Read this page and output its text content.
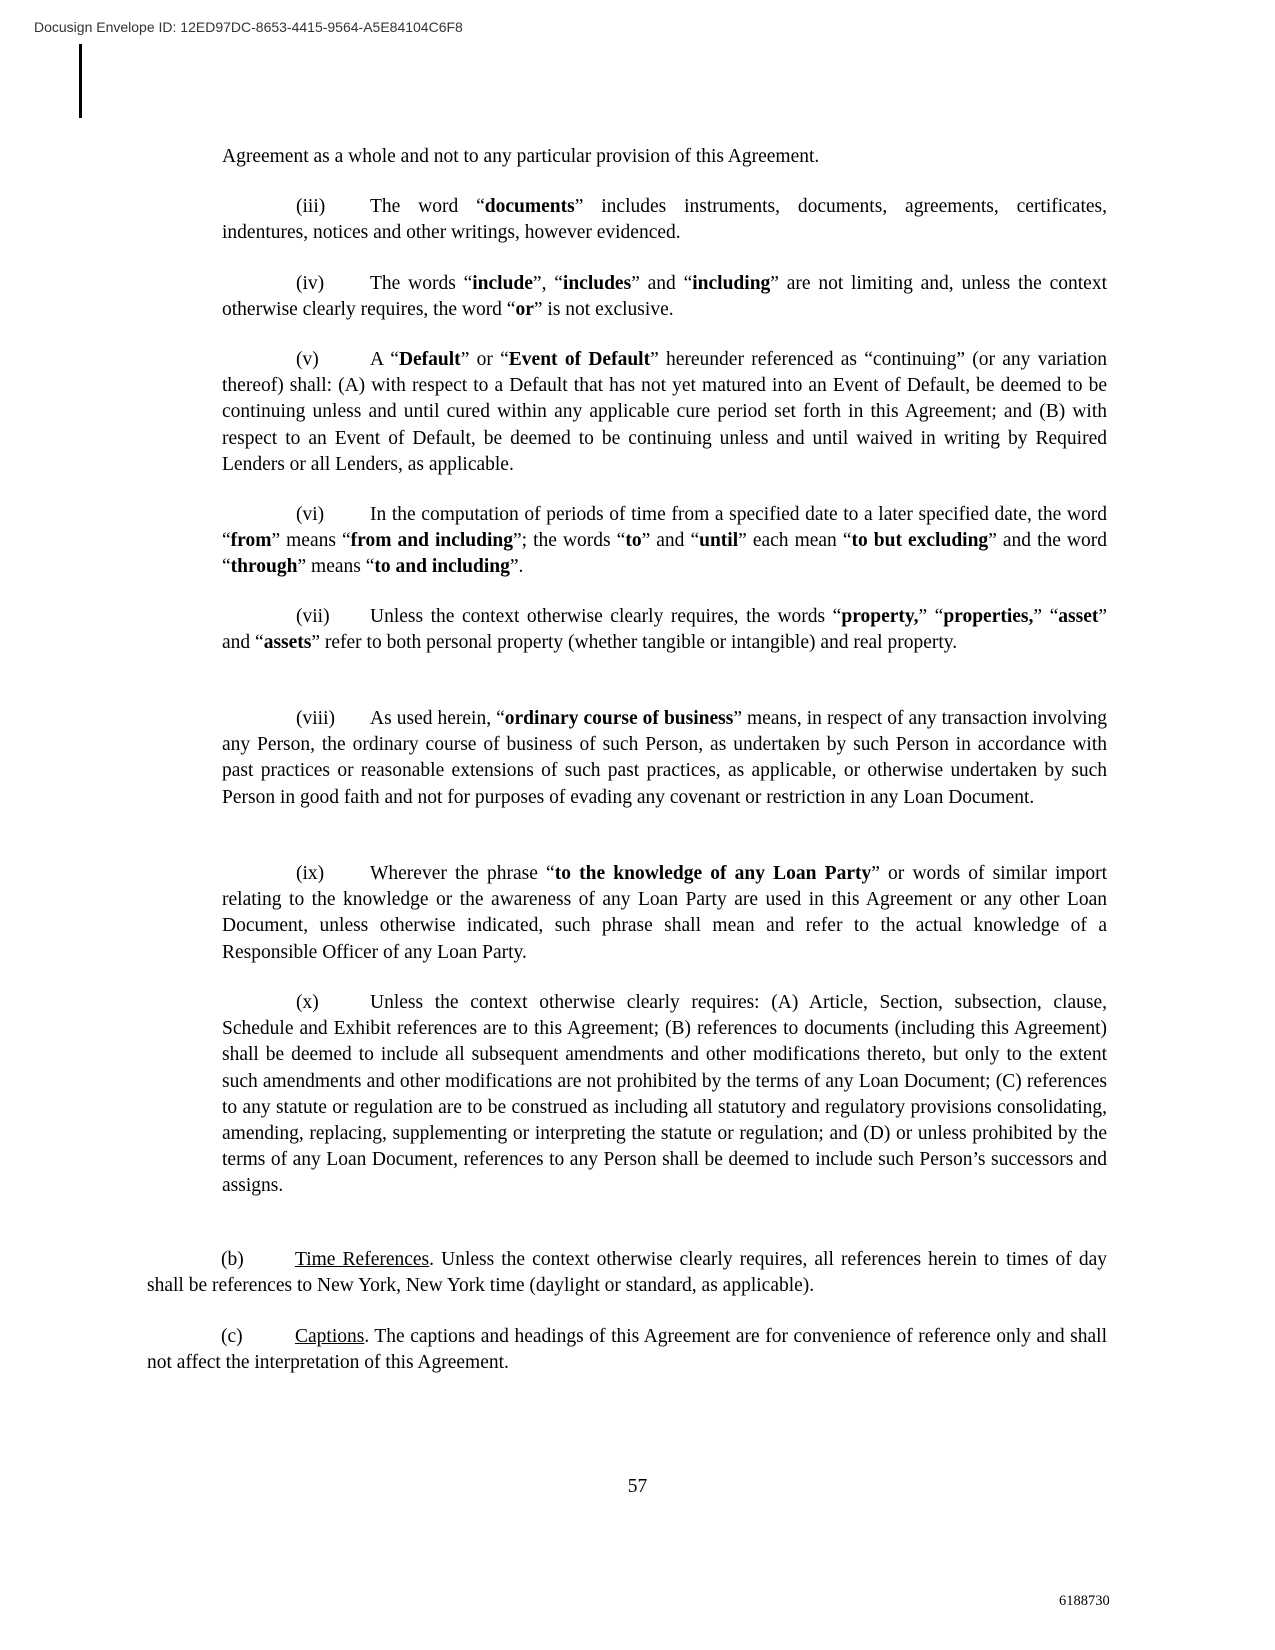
Docusign Envelope ID: 12ED97DC-8653-4415-9564-A5E84104C6F8

Agreement as a whole and not to any particular provision of this Agreement.

(iii) The word “documents” includes instruments, documents, agreements, certificates, indentures, notices and other writings, however evidenced.

(iv) The words “include”, “includes” and “including” are not limiting and, unless the context otherwise clearly requires, the word “or” is not exclusive.

(v)	A “Default” or “Event of Default” hereunder referenced as “continuing” (or any variation thereof) shall: (A) with respect to a Default that has not yet matured into an Event of Default, be deemed to be continuing unless and until cured within any applicable cure period set forth in this Agreement; and (B) with respect to an Event of Default, be deemed to be continuing unless and until waived in writing by Required Lenders or all Lenders, as applicable.

(vi) In the computation of periods of time from a specified date to a later specified date, the word “from” means “from and including”; the words “to” and “until” each mean “to but excluding” and the word “through” means “to and including”.

(vii) Unless the context otherwise clearly requires, the words “property,” “properties,” “asset” and “assets” refer to both personal property (whether tangible or intangible) and real property.

(viii) As used herein, “ordinary course of business” means, in respect of any transaction involving any Person, the ordinary course of business of such Person, as undertaken by such Person in accordance with past practices or reasonable extensions of such past practices, as applicable, or otherwise undertaken by such Person in good faith and not for purposes of evading any covenant or restriction in any Loan Document.

(ix) Wherever the phrase “to the knowledge of any Loan Party” or words of similar import relating to the knowledge or the awareness of any Loan Party are used in this Agreement or any other Loan Document, unless otherwise indicated, such phrase shall mean and refer to the actual knowledge of a Responsible Officer of any Loan Party.

(x)	Unless the context otherwise clearly requires: (A) Article, Section, subsection, clause, Schedule and Exhibit references are to this Agreement; (B) references to documents (including this Agreement) shall be deemed to include all subsequent amendments and other modifications thereto, but only to the extent such amendments and other modifications are not prohibited by the terms of any Loan Document; (C) references to any statute or regulation are to be construed as including all statutory and regulatory provisions consolidating, amending, replacing, supplementing or interpreting the statute or regulation; and (D) or unless prohibited by the terms of any Loan Document, references to any Person shall be deemed to include such Person’s successors and assigns.

(b)	Time References. Unless the context otherwise clearly requires, all references herein to times of day shall be references to New York, New York time (daylight or standard, as applicable).

(c)	Captions. The captions and headings of this Agreement are for convenience of reference only and shall not affect the interpretation of this Agreement.

57
6188730
